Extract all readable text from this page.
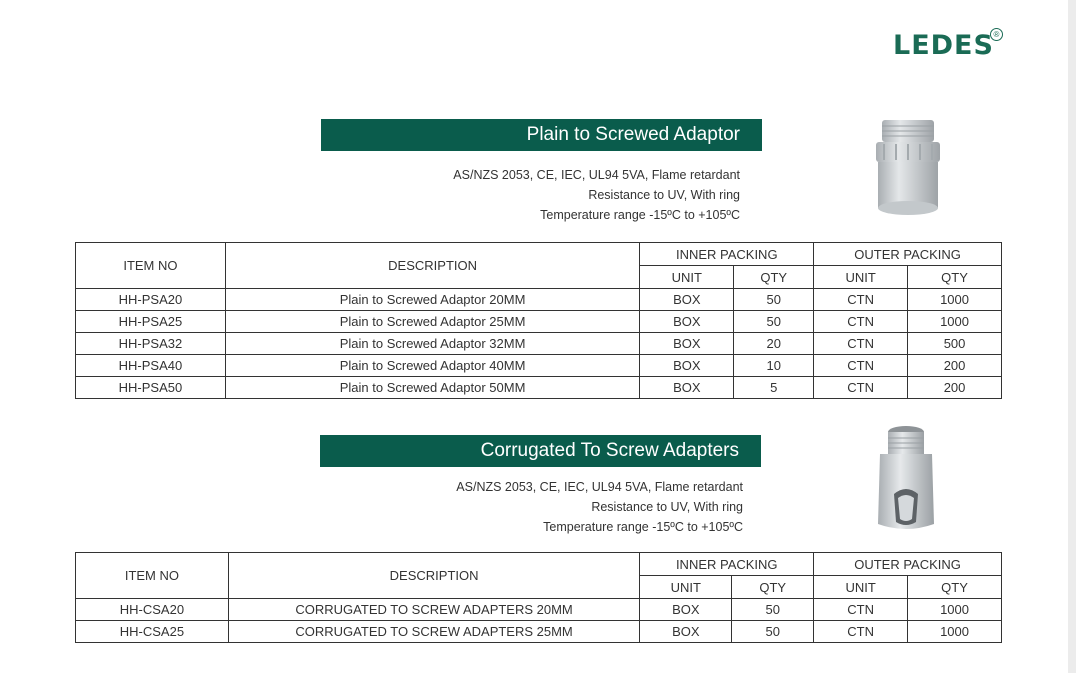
LEDES ®
Plain to Screwed Adaptor
AS/NZS 2053, CE, IEC, UL94 5VA, Flame retardant
Resistance to UV, With ring
Temperature range -15ºC to +105ºC
ITEM NO	DESCRIPTION	INNER PACKING		OUTER PACKING	
		UNIT	QTY	UNIT	QTY
HH-PSA20	Plain to Screwed Adaptor 20MM	BOX	50	CTN	1000
HH-PSA25	Plain to Screwed Adaptor 25MM	BOX	50	CTN	1000
HH-PSA32	Plain to Screwed Adaptor 32MM	BOX	20	CTN	500
HH-PSA40	Plain to Screwed Adaptor 40MM	BOX	10	CTN	200
HH-PSA50	Plain to Screwed Adaptor 50MM	BOX	5	CTN	200
Corrugated To Screw Adapters
AS/NZS 2053, CE, IEC, UL94 5VA, Flame retardant
Resistance to UV, With ring
Temperature range -15ºC to +105ºC
ITEM NO	DESCRIPTION	INNER PACKING		OUTER PACKING	
		UNIT	QTY	UNIT	QTY
HH-CSA20	CORRUGATED TO SCREW ADAPTERS 20MM	BOX	50	CTN	1000
HH-CSA25	CORRUGATED TO SCREW ADAPTERS 25MM	BOX	50	CTN	1000
